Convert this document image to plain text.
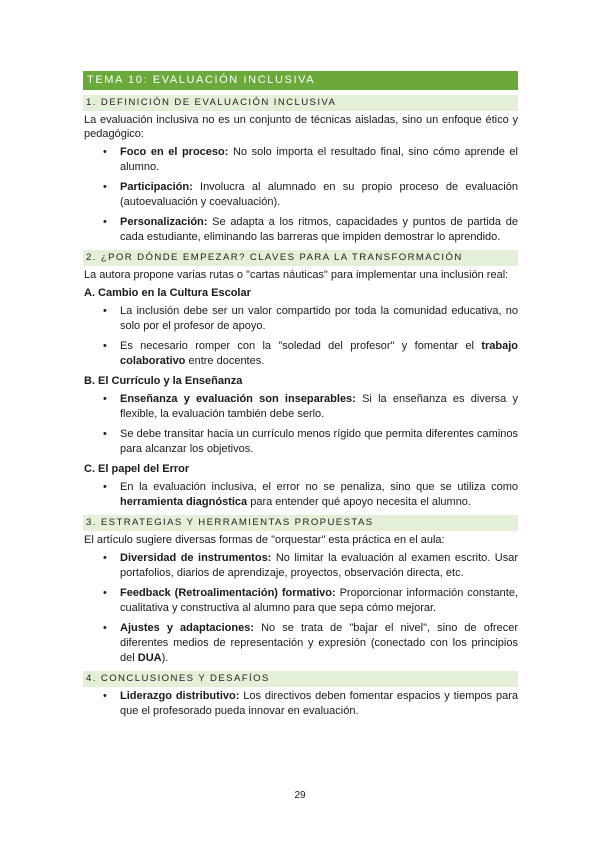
TEMA 10: EVALUACIÓN INCLUSIVA
1. DEFINICIÓN DE EVALUACIÓN INCLUSIVA

La evaluación inclusiva no es un conjunto de técnicas aisladas, sino un enfoque ético y pedagógico:

• Foco en el proceso: No solo importa el resultado final, sino cómo aprende el alumno.
• Participación: Involucra al alumnado en su propio proceso de evaluación (autoevaluación y coevaluación).
• Personalización: Se adapta a los ritmos, capacidades y puntos de partida de cada estudiante, eliminando las barreras que impiden demostrar lo aprendido.
2. ¿POR DÓNDE EMPEZAR? CLAVES PARA LA TRANSFORMACIÓN

La autora propone varias rutas o "cartas náuticas" para implementar una inclusión real:

A. Cambio en la Cultura Escolar
• La inclusión debe ser un valor compartido por toda la comunidad educativa, no solo por el profesor de apoyo.
• Es necesario romper con la "soledad del profesor" y fomentar el trabajo colaborativo entre docentes.
B. El Currículo y la Enseñanza
• Enseñanza y evaluación son inseparables: Si la enseñanza es diversa y flexible, la evaluación también debe serlo.
• Se debe transitar hacia un currículo menos rígido que permita diferentes caminos para alcanzar los objetivos.
C. El papel del Error
• En la evaluación inclusiva, el error no se penaliza, sino que se utiliza como herramienta diagnóstica para entender qué apoyo necesita el alumno.
3. ESTRATEGIAS Y HERRAMIENTAS PROPUESTAS

El artículo sugiere diversas formas de "orquestar" esta práctica en el aula:

• Diversidad de instrumentos: No limitar la evaluación al examen escrito. Usar portafolios, diarios de aprendizaje, proyectos, observación directa, etc.
• Feedback (Retroalimentación) formativo: Proporcionar información constante, cualitativa y constructiva al alumno para que sepa cómo mejorar.
• Ajustes y adaptaciones: No se trata de "bajar el nivel", sino de ofrecer diferentes medios de representación y expresión (conectado con los principios del DUA).
4. CONCLUSIONES Y DESAFÍOS
• Liderazgo distributivo: Los directivos deben fomentar espacios y tiempos para que el profesorado pueda innovar en evaluación.
29
